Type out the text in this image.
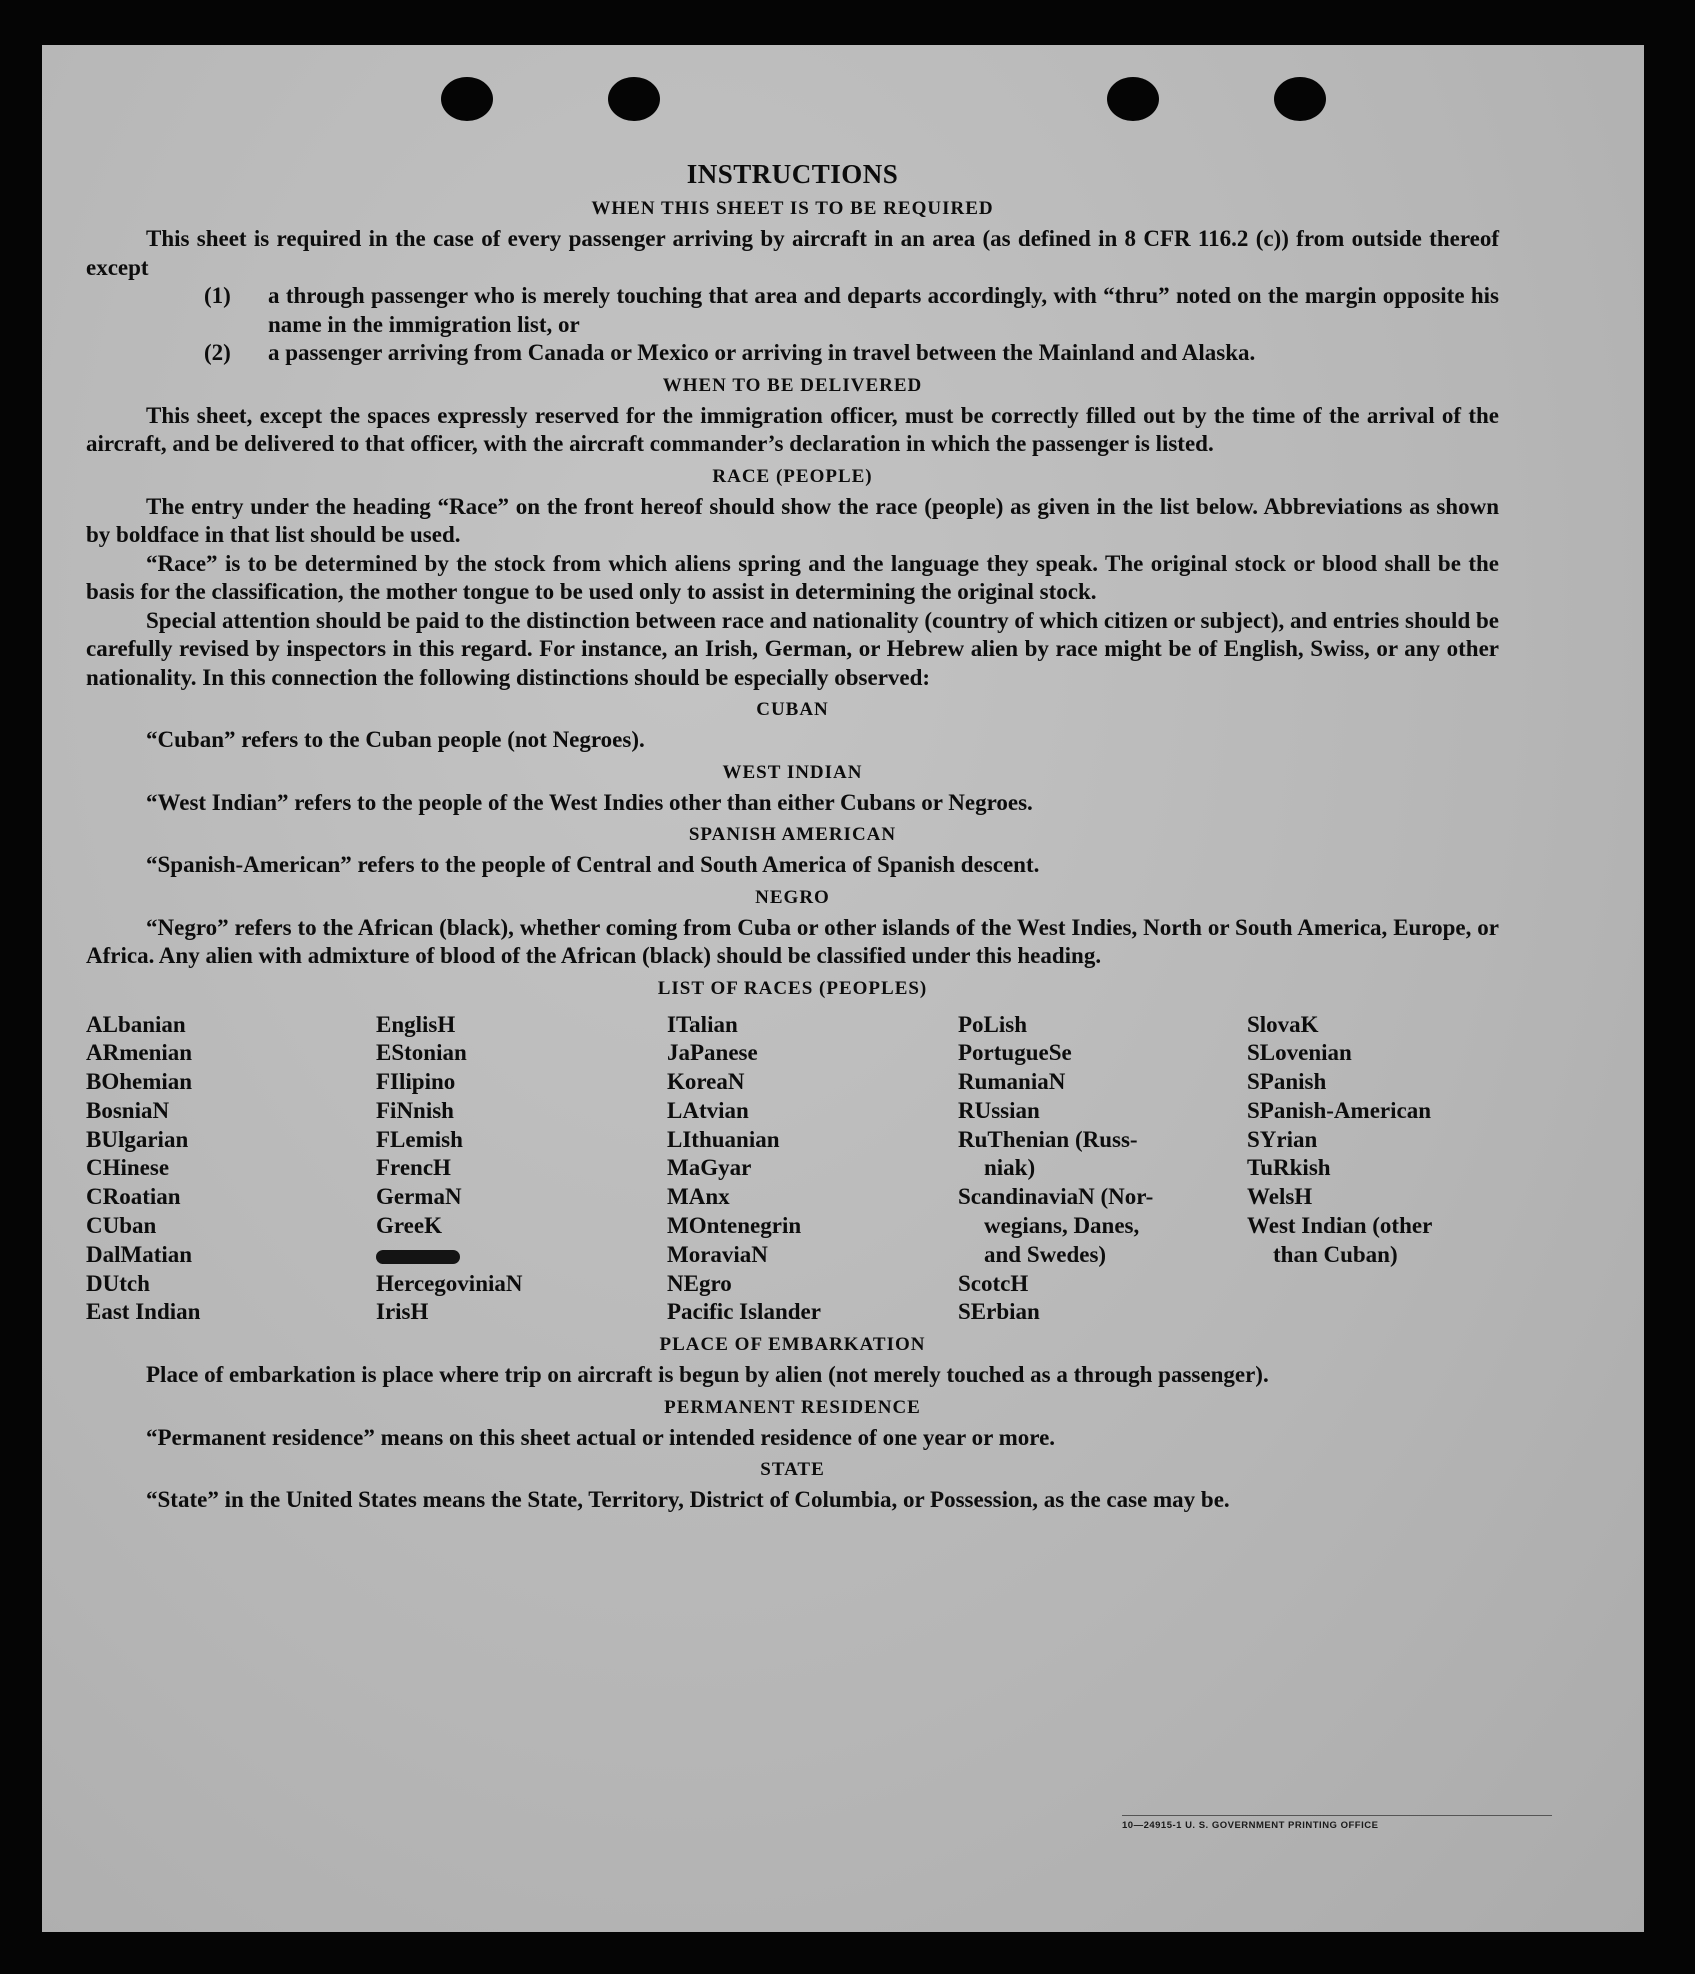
INSTRUCTIONS
WHEN THIS SHEET IS TO BE REQUIRED

This sheet is required in the case of every passenger arriving by aircraft in an area (as defined in 8 CFR 116.2 (c)) from outside thereof except

(1)	a through passenger who is merely touching that area and departs accordingly, with “thru” noted on the margin opposite his name in the immigration list, or
(2)	a passenger arriving from Canada or Mexico or arriving in travel between the Mainland and Alaska.
WHEN TO BE DELIVERED

This sheet, except the spaces expressly reserved for the immigration officer, must be correctly filled out by the time of the arrival of the aircraft, and be delivered to that officer, with the aircraft commander’s declaration in which the passenger is listed.

RACE (PEOPLE)

The entry under the heading “Race” on the front hereof should show the race (people) as given in the list below. Abbreviations as shown by boldface in that list should be used.

“Race” is to be determined by the stock from which aliens spring and the language they speak. The original stock or blood shall be the basis for the classification, the mother tongue to be used only to assist in determining the original stock.

Special attention should be paid to the distinction between race and nationality (country of which citizen or subject), and entries should be carefully revised by inspectors in this regard. For instance, an Irish, German, or Hebrew alien by race might be of English, Swiss, or any other nationality. In this connection the following distinctions should be especially observed:

CUBAN

“Cuban” refers to the Cuban people (not Negroes).

WEST INDIAN

“West Indian” refers to the people of the West Indies other than either Cubans or Negroes.

SPANISH AMERICAN

“Spanish-American” refers to the people of Central and South America of Spanish descent.

NEGRO

“Negro” refers to the African (black), whether coming from Cuba or other islands of the West Indies, North or South America, Europe, or Africa. Any alien with admixture of blood of the African (black) should be classified under this heading.

LIST OF RACES (PEOPLES)
ALbanian
ARmenian
BOhemian
BosniaN
BUlgarian
CHinese
CRoatian
CUban
DalMatian
DUtch
East Indian
EnglisH
EStonian
FIlipino
FiNnish
FLemish
FrencH
GermaN
GreeK
HercegoviniaN
IrisH
ITalian
JaPanese
KoreaN
LAtvian
LIthuanian
MaGyar
MAnx
MOntenegrin
MoraviaN
NEgro
Pacific Islander
PoLish
PortugueSe
RumaniaN
RUssian
RuThenian (Russ-
niak)
ScandinaviaN (Nor-
wegians, Danes,
and Swedes)
ScotcH
SErbian
SlovaK
SLovenian
SPanish
SPanish-American
SYrian
TuRkish
WelsH
West Indian (other
than Cuban)
PLACE OF EMBARKATION

Place of embarkation is place where trip on aircraft is begun by alien (not merely touched as a through passenger).

PERMANENT RESIDENCE

“Permanent residence” means on this sheet actual or intended residence of one year or more.

STATE

“State” in the United States means the State, Territory, District of Columbia, or Possession, as the case may be.

10—24915-1 U. S. GOVERNMENT PRINTING OFFICE
